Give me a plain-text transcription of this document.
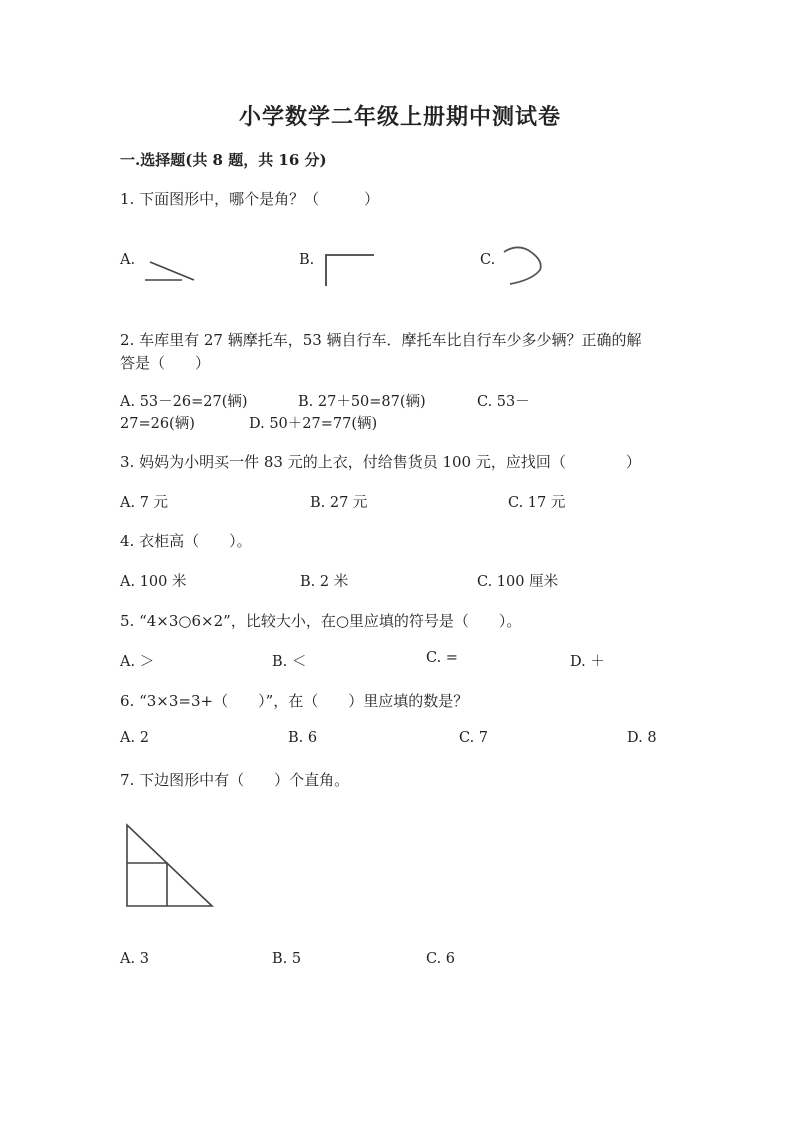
小学数学二年级上册期中测试卷
一.选择题(共 8 题，共 16 分)
1. 下面图形中，哪个是角？（　　　）
A.	B.	C.
2. 车库里有 27 辆摩托车，53 辆自行车．摩托车比自行车少多少辆？正确的解
答是（　　）
A. 53－26=27(辆)	B. 27＋50=87(辆)	C. 53－
27=26(辆)	D. 50＋27=77(辆)
3. 妈妈为小明买一件 83 元的上衣，付给售货员 100 元，应找回（　　　　）
A. 7 元	B. 27 元	C. 17 元
4. 衣柜高（　　）。
A. 100 米	B. 2 米	C. 100 厘米
5. “4×3○6×2”，比较大小，在○里应填的符号是（　　）。
A. ＞	B. ＜	C. =	D. ＋
6. “3×3=3+（　　）”，在（　　）里应填的数是？
A. 2	B. 6	C. 7	D. 8
7. 下边图形中有（　　）个直角。
A. 3	B. 5	C. 6
